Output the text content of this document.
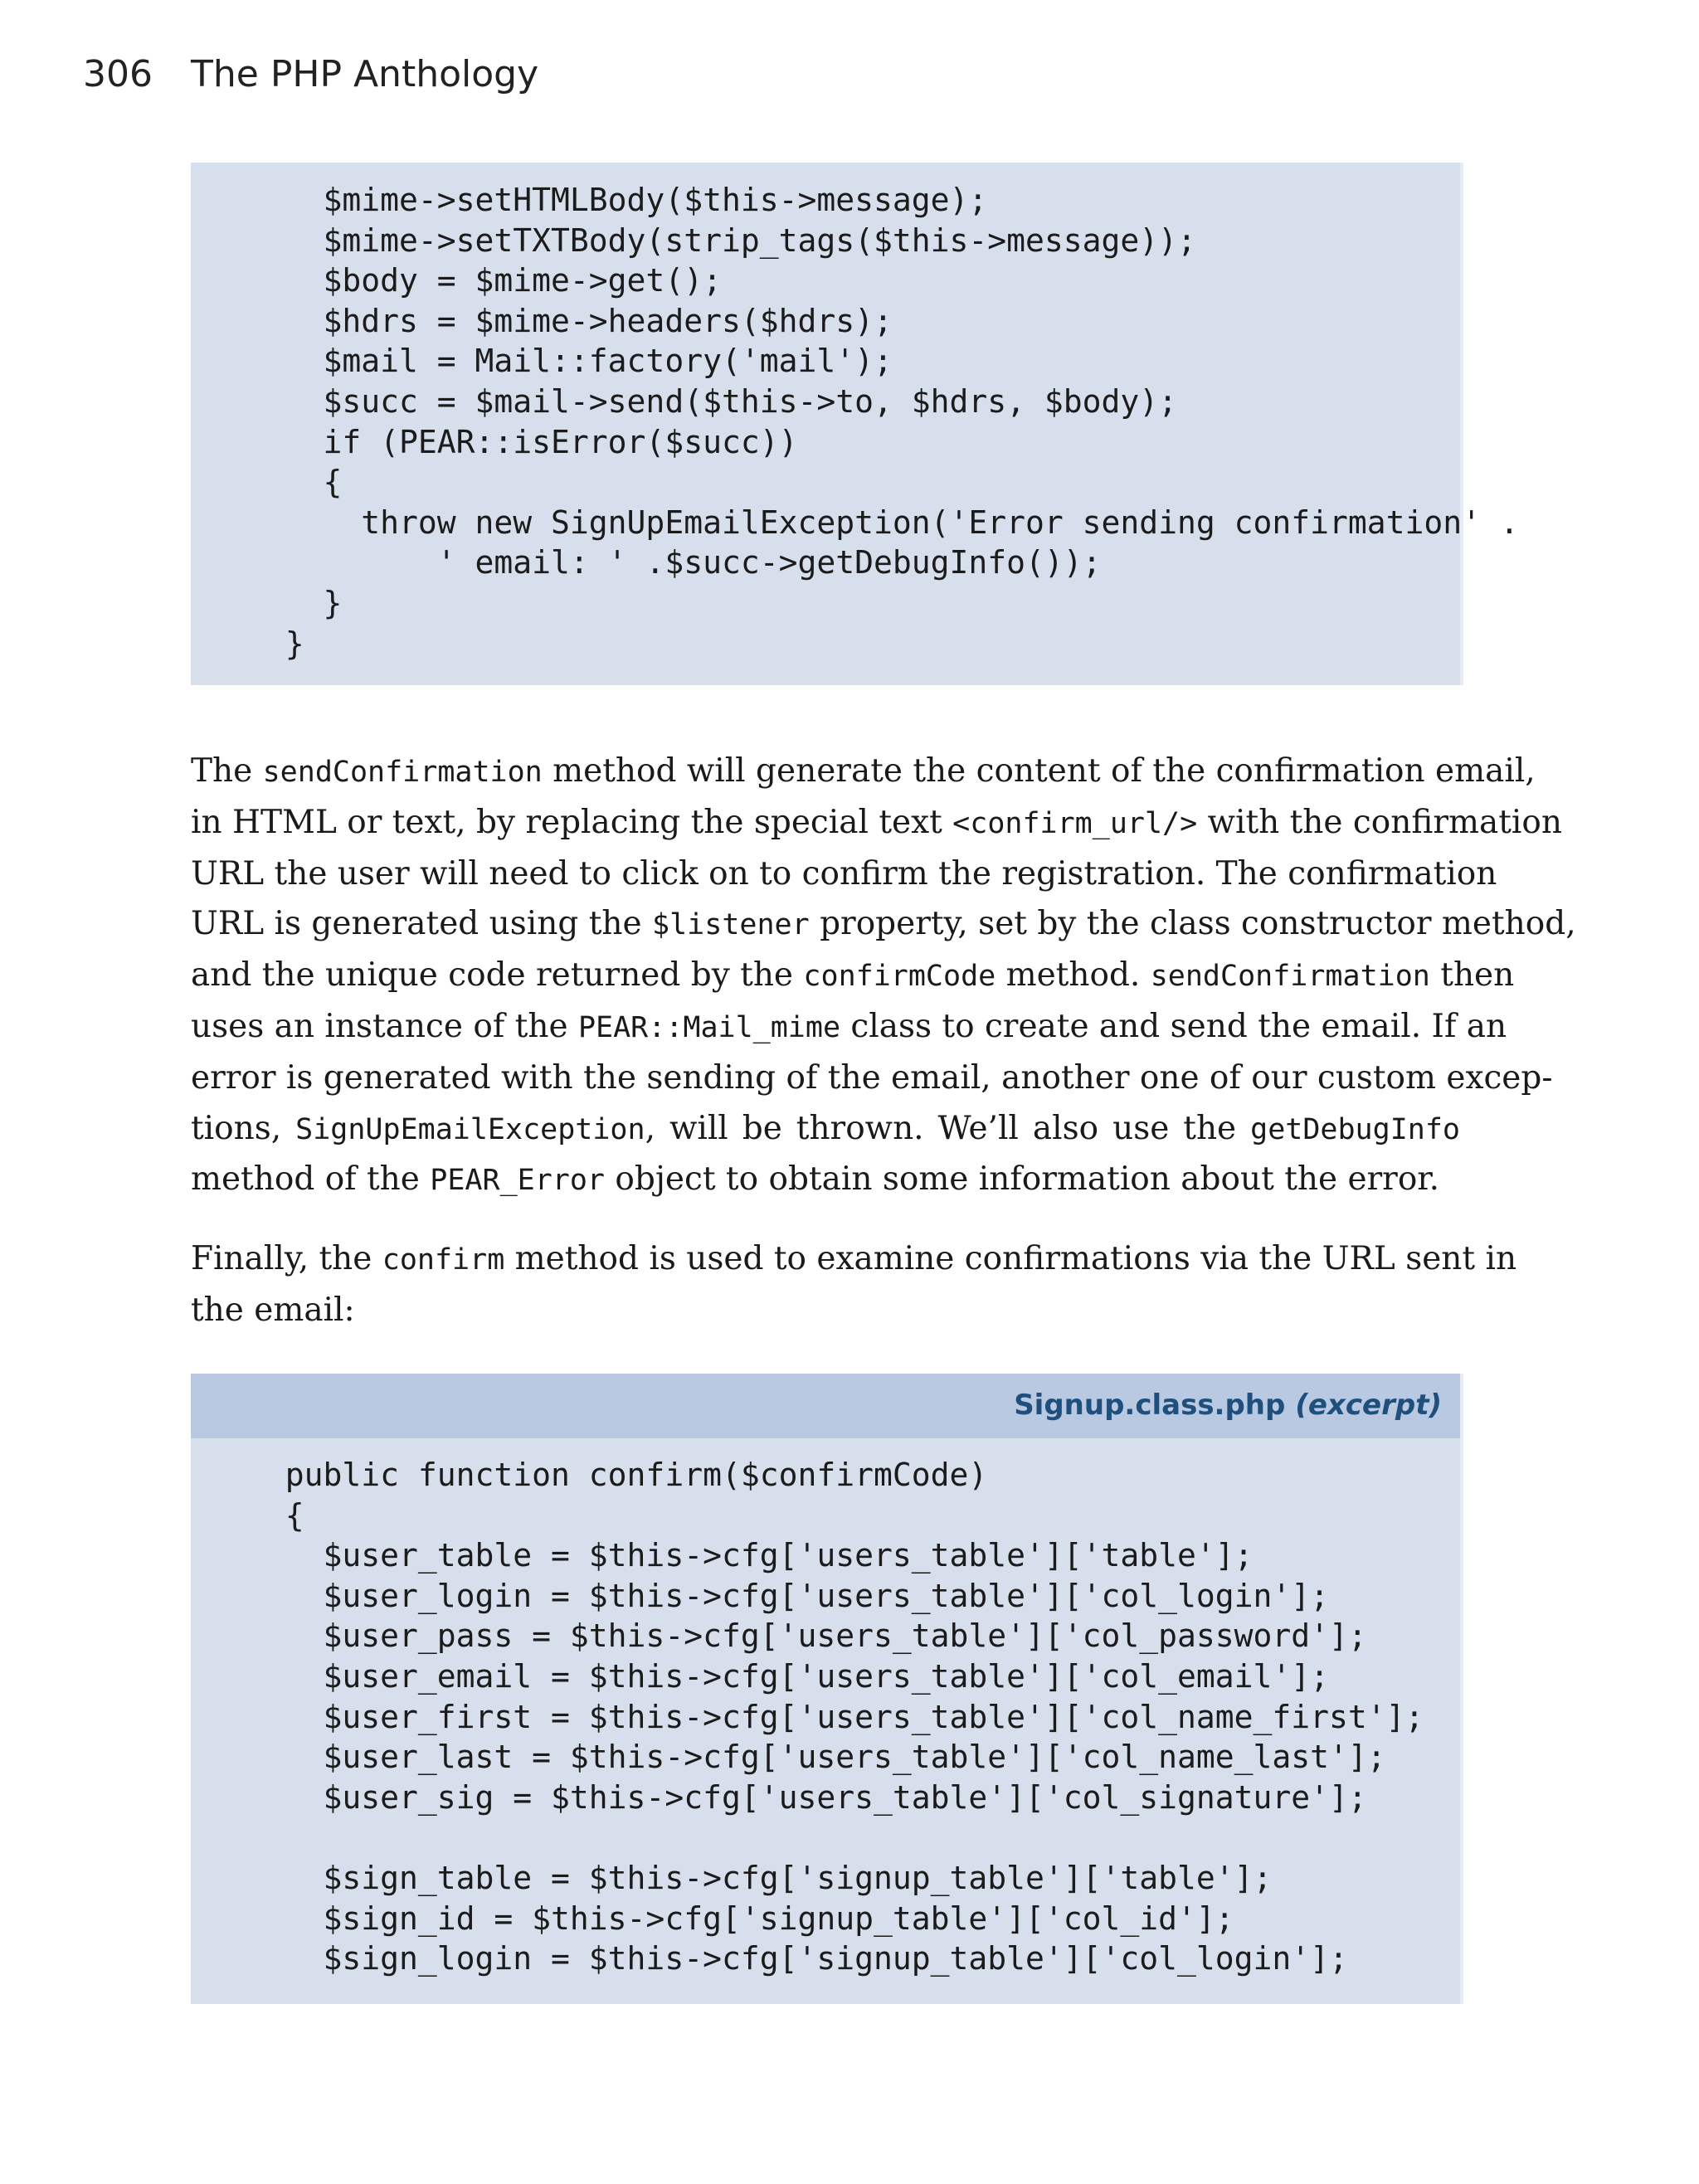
306 The PHP Anthology
$mime->setHTMLBody($this->message);
$mime->setTXTBody(strip_tags($this->message));
$body = $mime->get();
$hdrs = $mime->headers($hdrs);
$mail = Mail::factory('mail');
$succ = $mail->send($this->to, $hdrs, $body);
if (PEAR::isError($succ))
{
throw new SignUpEmailException('Error sending confirmation' .
' email: ' .$succ->getDebugInfo());
}
}
The sendConfirmation method will generate the content of the confirmation email,
in HTML or text, by replacing the special text <confirm_url/> with the confirmation
URL the user will need to click on to confirm the registration. The confirmation
URL is generated using the $listener property, set by the class constructor method,
and the unique code returned by the confirmCode method. sendConfirmation then
uses an instance of the PEAR::Mail_mime class to create and send the email. If an
error is generated with the sending of the email, another one of our custom excep-
tions, SignUpEmailException, will be thrown. We’ll also use the getDebugInfo
method of the PEAR_Error object to obtain some information about the error.
Finally, the confirm method is used to examine confirmations via the URL sent in
the email:
Signup.class.php (excerpt)
public function confirm($confirmCode)
{
$user_table = $this->cfg['users_table']['table'];
$user_login = $this->cfg['users_table']['col_login'];
$user_pass = $this->cfg['users_table']['col_password'];
$user_email = $this->cfg['users_table']['col_email'];
$user_first = $this->cfg['users_table']['col_name_first'];
$user_last = $this->cfg['users_table']['col_name_last'];
$user_sig = $this->cfg['users_table']['col_signature'];

$sign_table = $this->cfg['signup_table']['table'];
$sign_id = $this->cfg['signup_table']['col_id'];
$sign_login = $this->cfg['signup_table']['col_login'];
